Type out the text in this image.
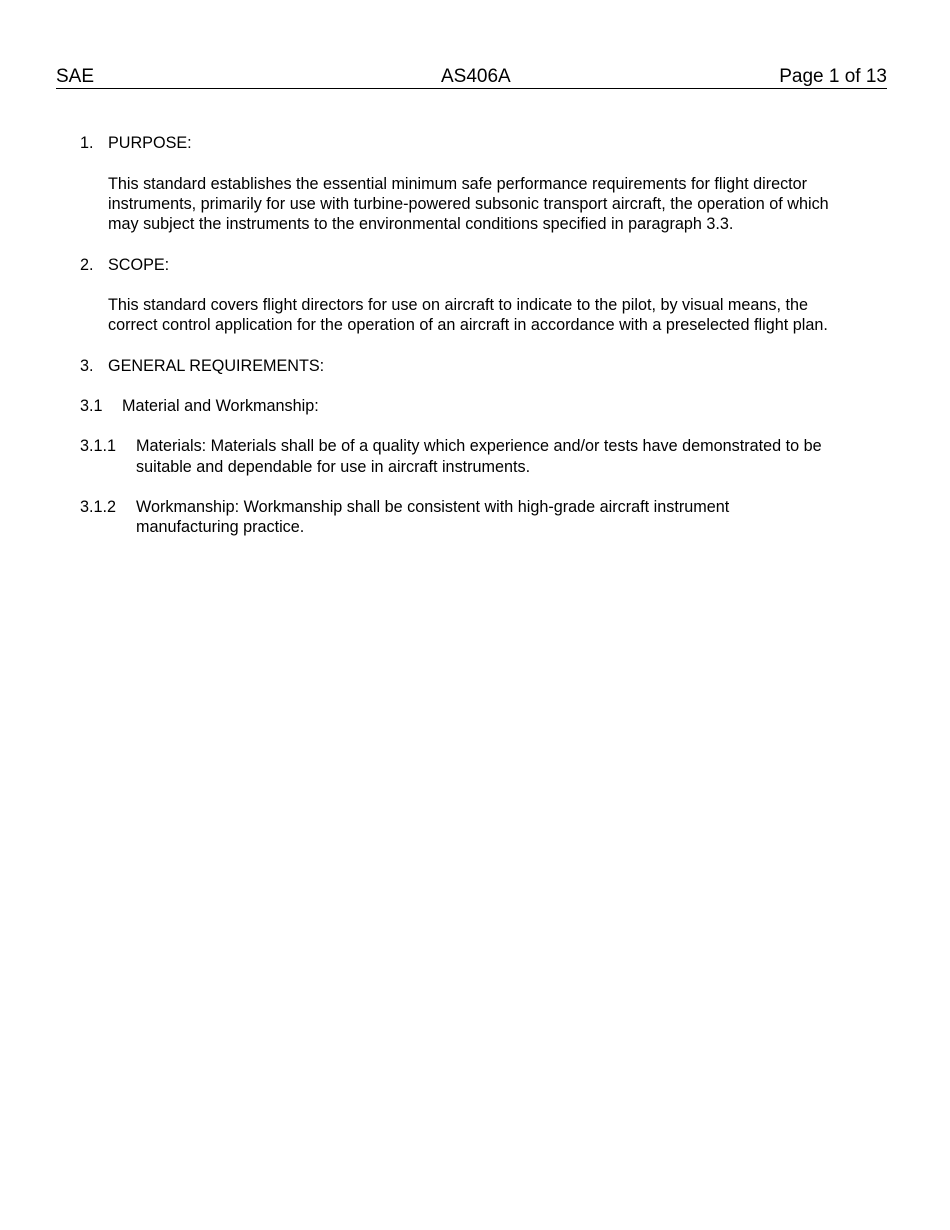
SAE	AS406A	Page 1 of 13
1. PURPOSE:
This standard establishes the essential minimum safe performance requirements for flight director
instruments, primarily for use with turbine-powered subsonic transport aircraft, the operation of which
may subject the instruments to the environmental conditions specified in paragraph 3.3.
2. SCOPE:
This standard covers flight directors for use on aircraft to indicate to the pilot, by visual means, the
correct control application for the operation of an aircraft in accordance with a preselected flight plan.
3. GENERAL REQUIREMENTS:
3.1 Material and Workmanship:
3.1.1 Materials: Materials shall be of a quality which experience and/or tests have demonstrated to be
suitable and dependable for use in aircraft instruments.
3.1.2 Workmanship: Workmanship shall be consistent with high-grade aircraft instrument
manufacturing practice.
